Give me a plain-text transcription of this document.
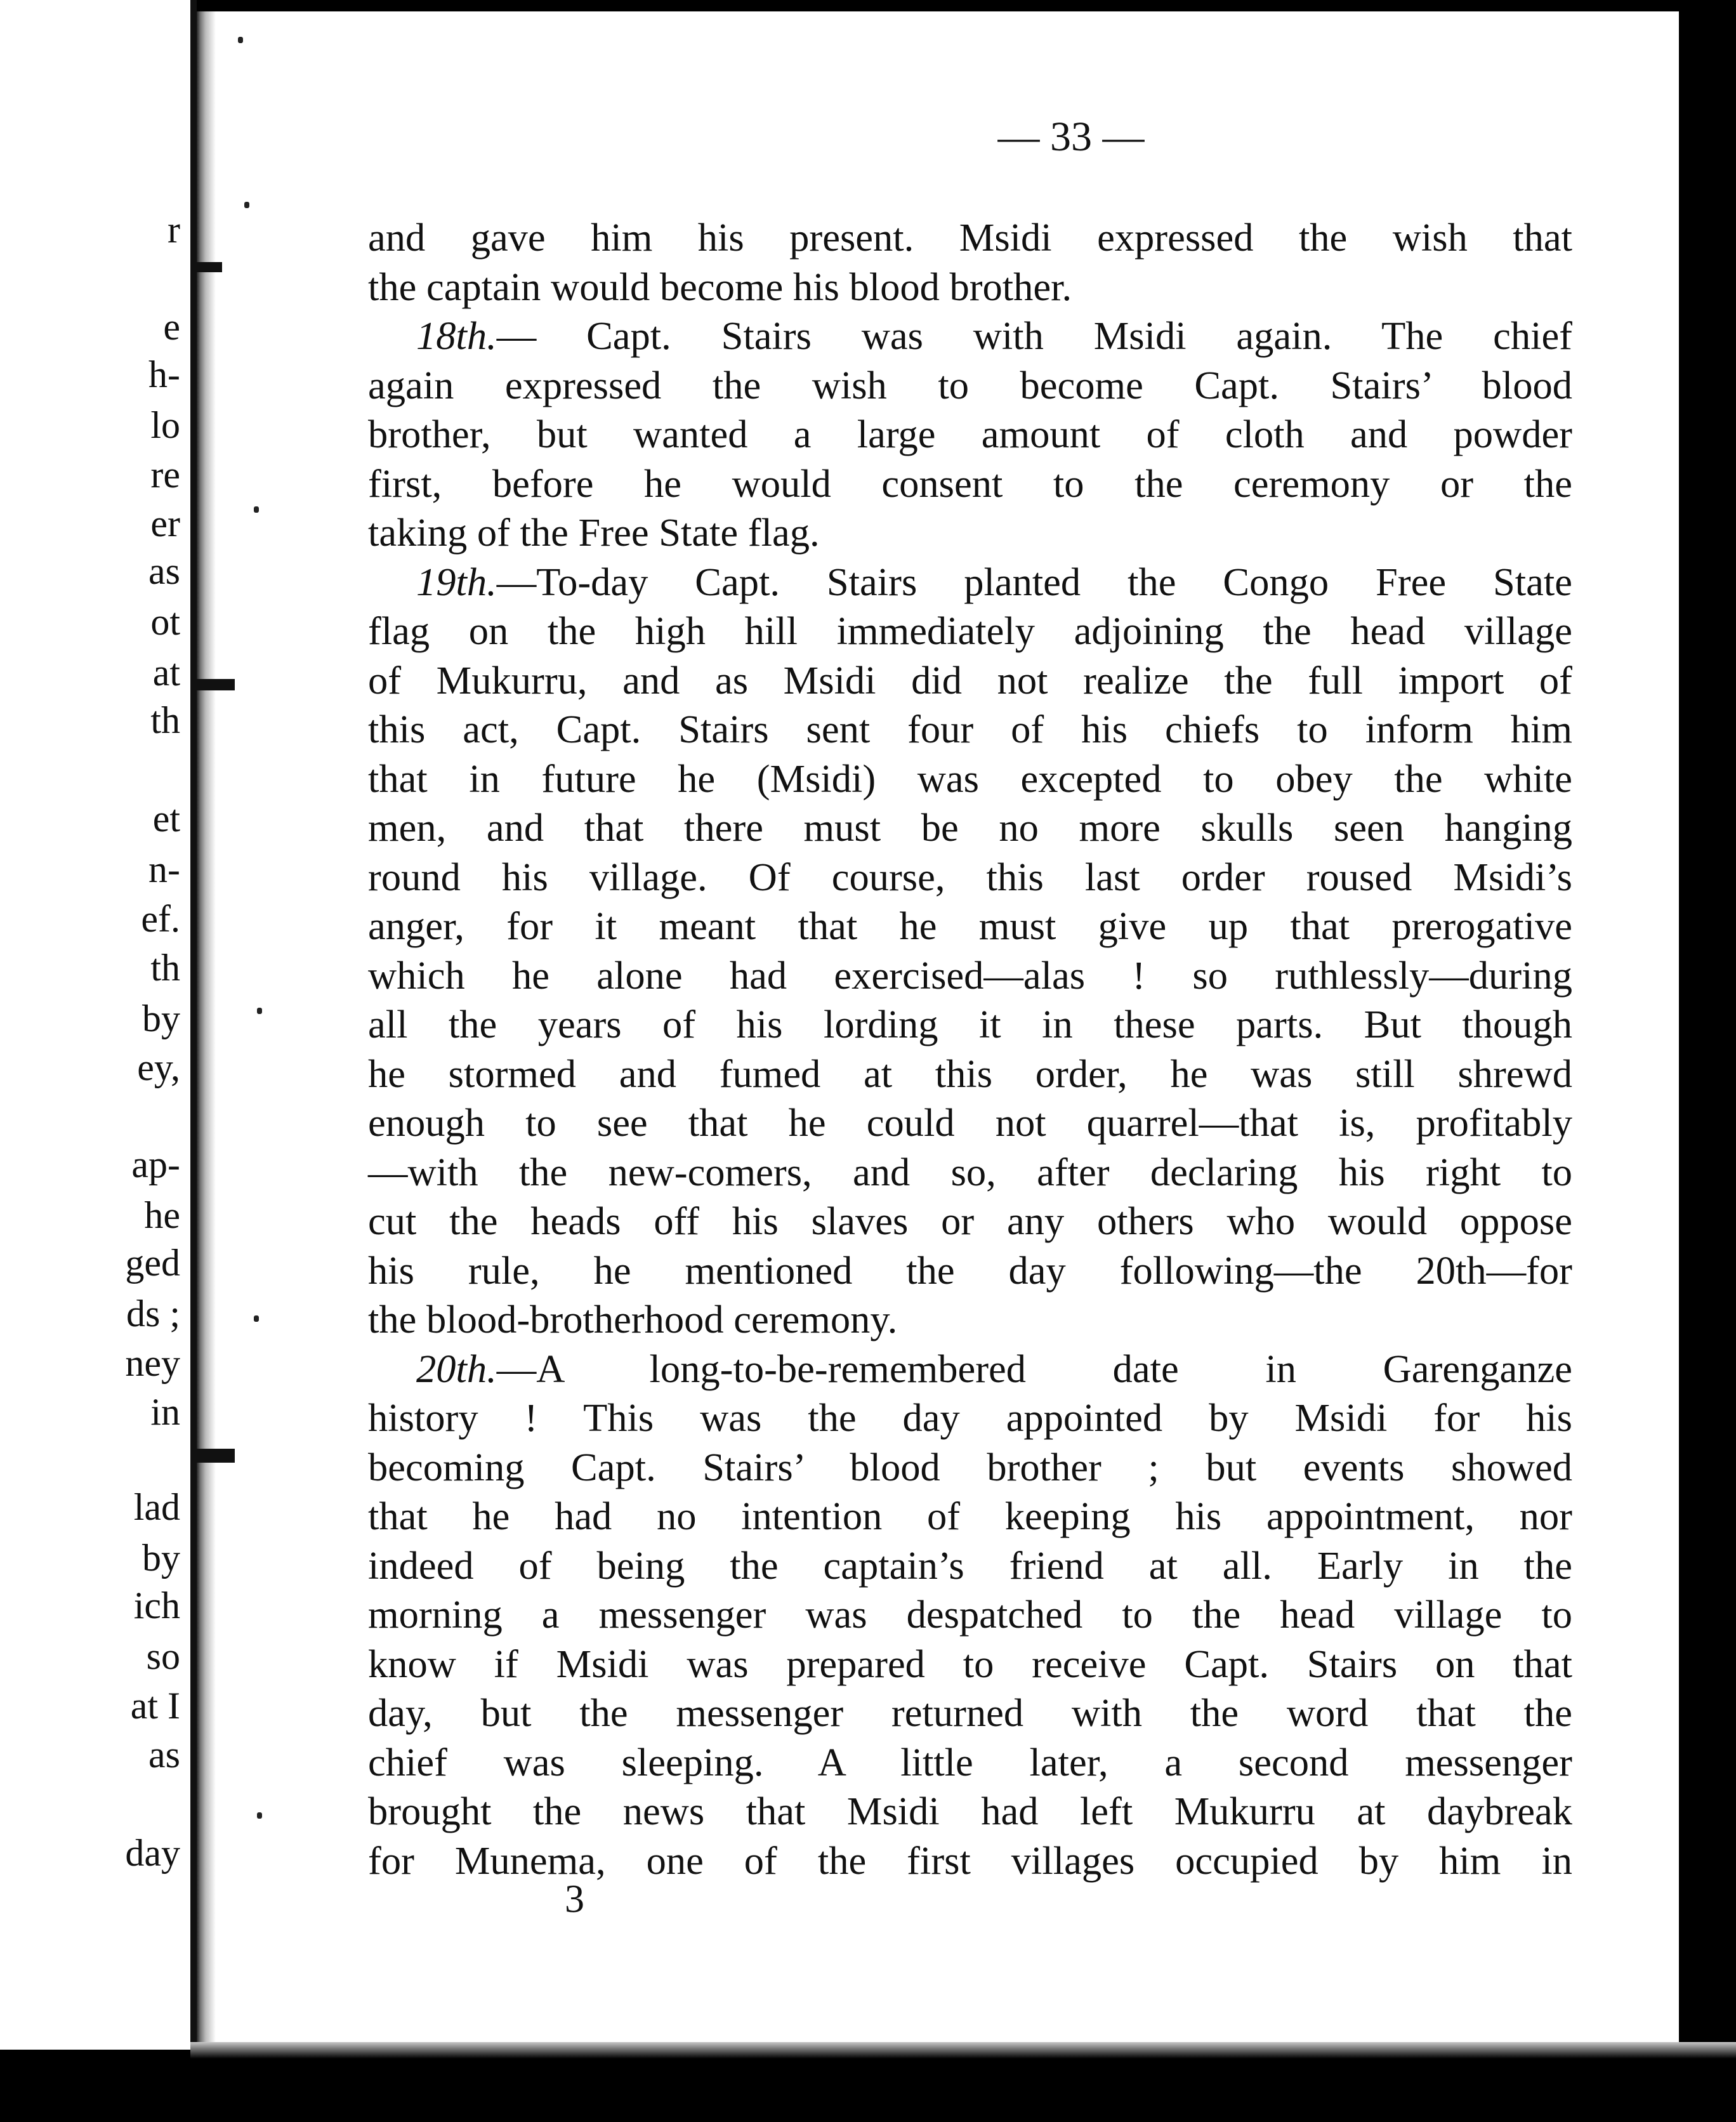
r
e
h-
lo
re
er
as
ot
at
th
et
n-
ef.
th
by
ey,
ap-
he
ged
ds ;
ney
in
lad
by
ich
so
at I
as
day
— 33 —
and gave him his present. Msidi expressed the wish that
the captain would become his blood brother.
18th.— Capt. Stairs was with Msidi again. The chief
again expressed the wish to become Capt. Stairs’ blood
brother, but wanted a large amount of cloth and powder
first, before he would consent to the ceremony or the
taking of the Free State flag.
19th.—To-day Capt. Stairs planted the Congo Free State
flag on the high hill immediately adjoining the head village
of Mukurru, and as Msidi did not realize the full import of
this act, Capt. Stairs sent four of his chiefs to inform him
that in future he (Msidi) was excepted to obey the white
men, and that there must be no more skulls seen hanging
round his village. Of course, this last order roused Msidi’s
anger, for it meant that he must give up that prerogative
which he alone had exercised—alas ! so ruthlessly—during
all the years of his lording it in these parts. But though
he stormed and fumed at this order, he was still shrewd
enough to see that he could not quarrel—that is, profitably
—with the new-comers, and so, after declaring his right to
cut the heads off his slaves or any others who would oppose
his rule, he mentioned the day following—the 20th—for
the blood-brotherhood ceremony.
20th.—A long-to-be-remembered date in Garenganze
history ! This was the day appointed by Msidi for his
becoming Capt. Stairs’ blood brother ; but events showed
that he had no intention of keeping his appointment, nor
indeed of being the captain’s friend at all. Early in the
morning a messenger was despatched to the head village to
know if Msidi was prepared to receive Capt. Stairs on that
day, but the messenger returned with the word that the
chief was sleeping. A little later, a second messenger
brought the news that Msidi had left Mukurru at daybreak
for Munema, one of the first villages occupied by him in
3
